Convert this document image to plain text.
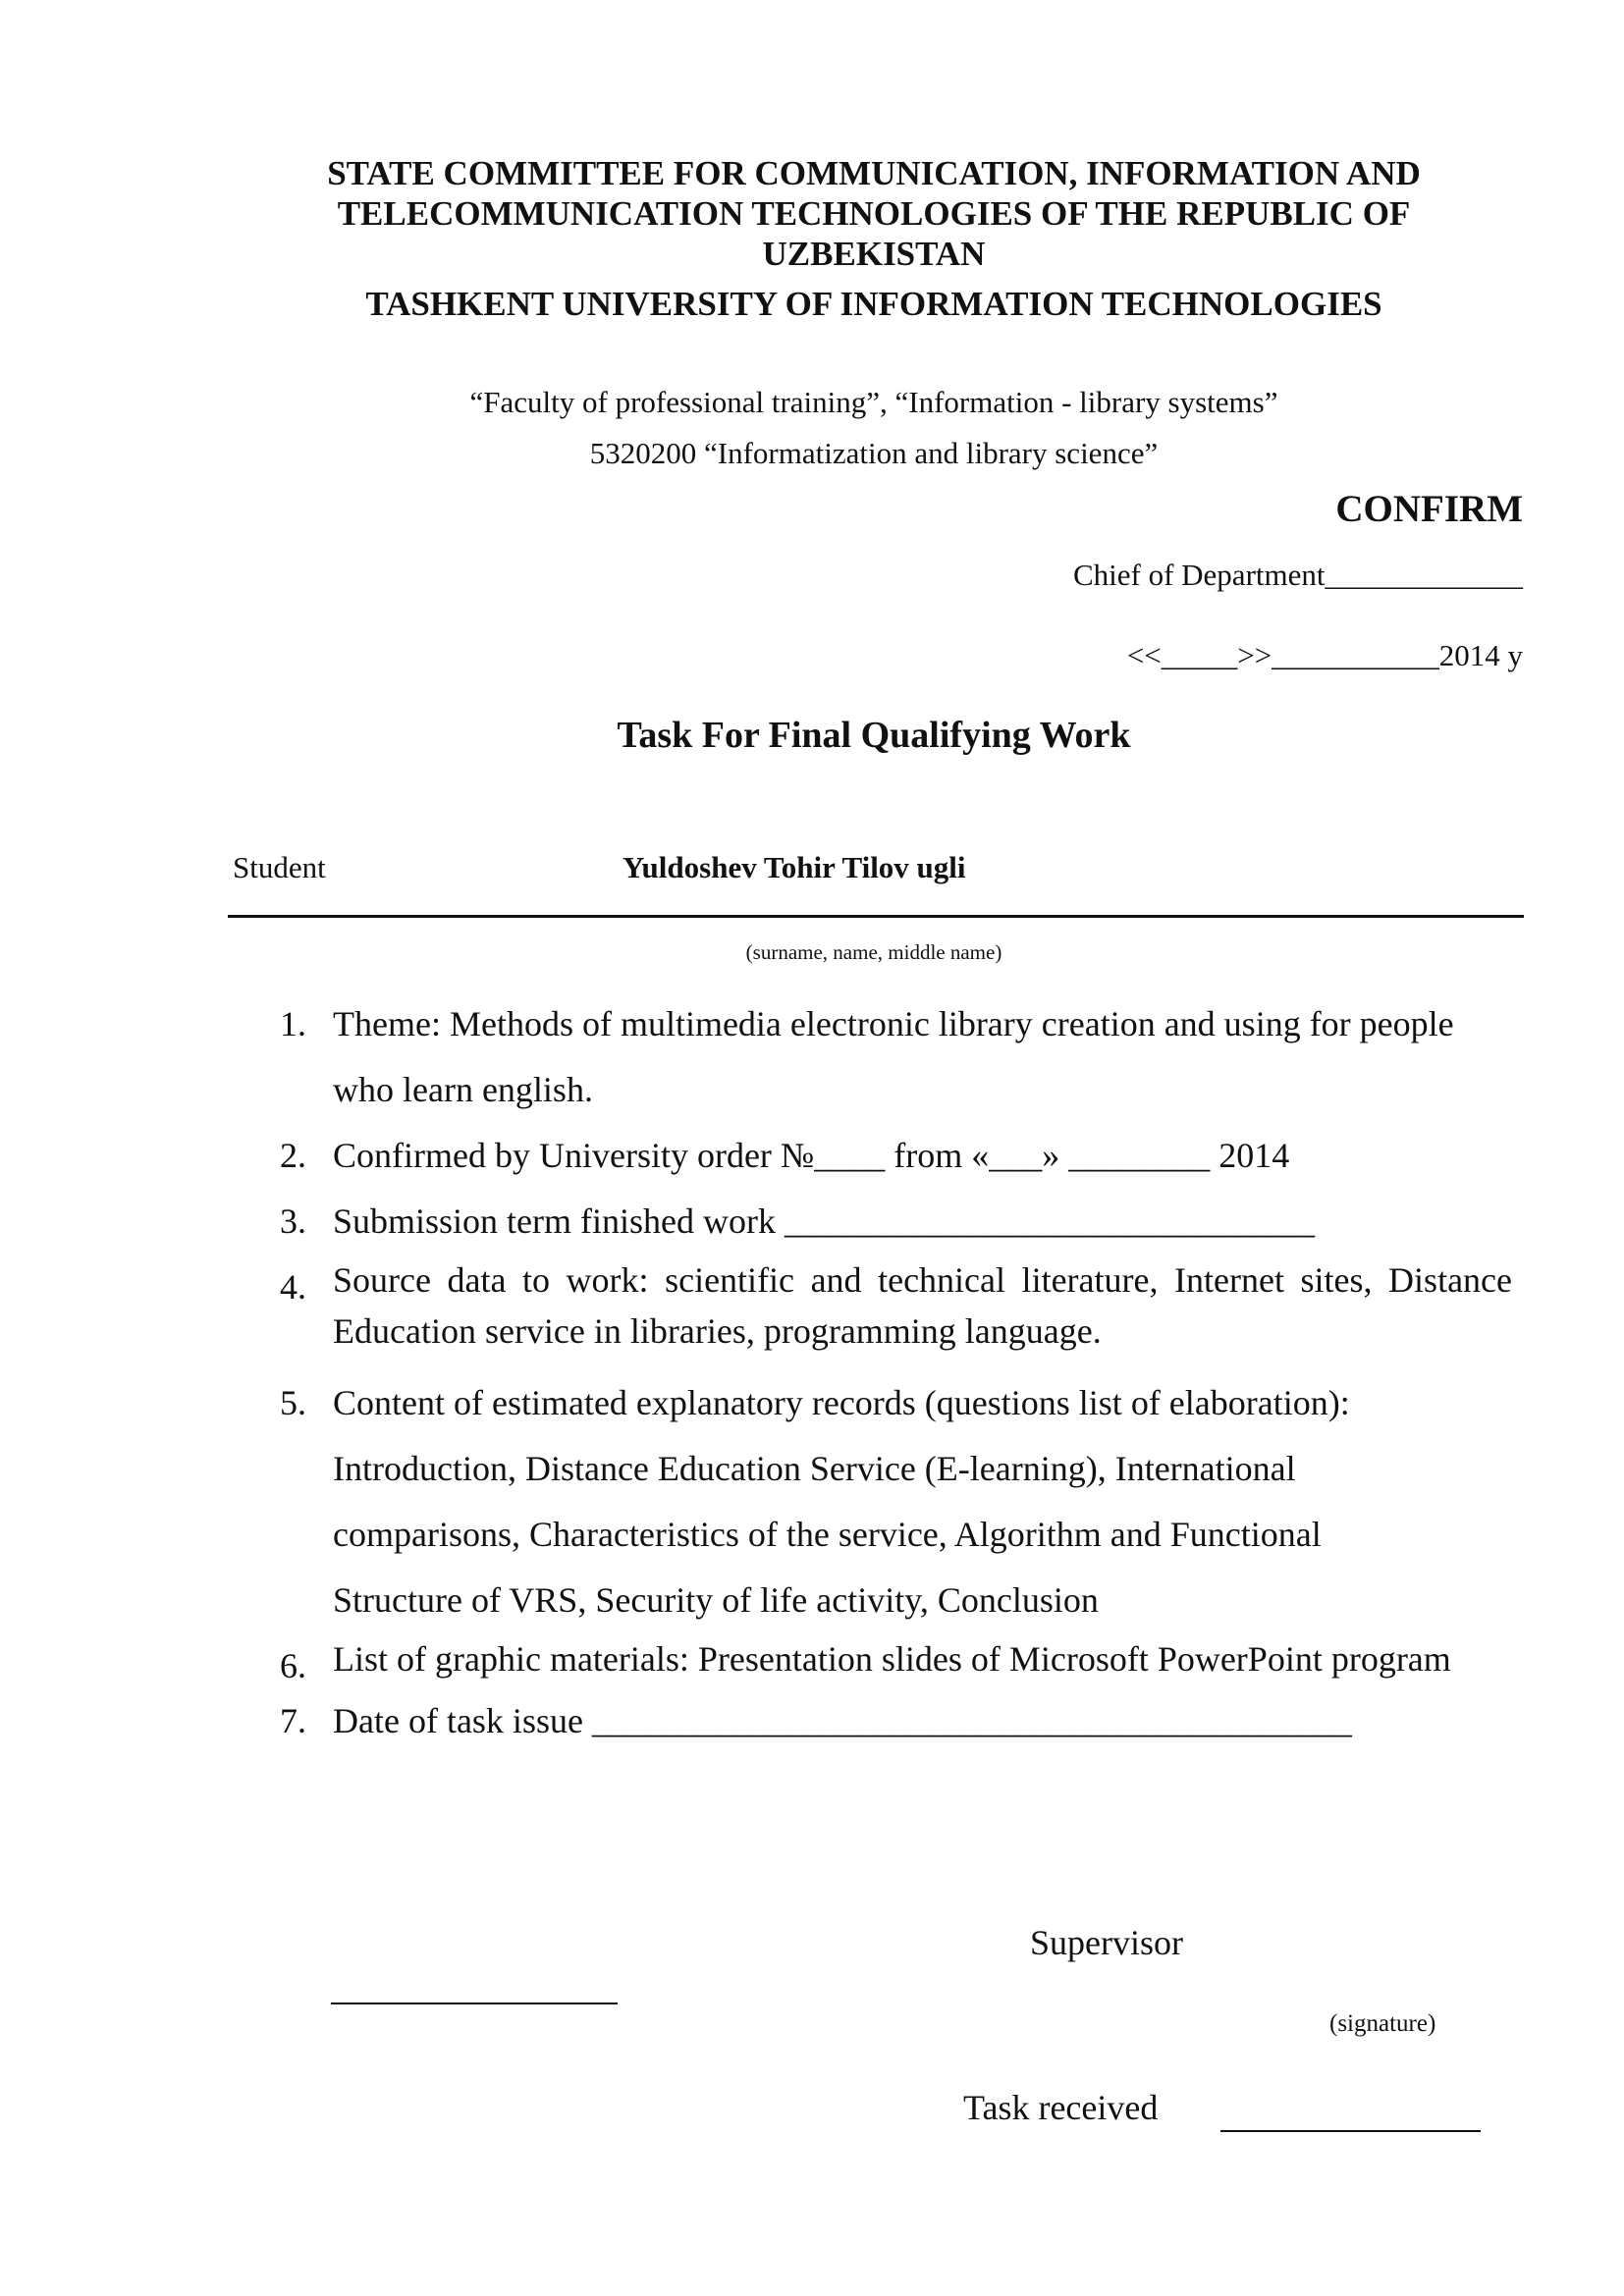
STATE COMMITTEE FOR COMMUNICATION, INFORMATION AND TELECOMMUNICATION TECHNOLOGIES OF THE REPUBLIC OF UZBEKISTAN
TASHKENT UNIVERSITY OF INFORMATION TECHNOLOGIES
“Faculty of professional training”, “Information - library systems”
5320200 “Informatization and library science”
CONFIRM
Chief of Department_____________
<<_____>>___________2014 y
Task For Final Qualifying Work
Student	Yuldoshev Tohir Tilov ugli
(surname, name, middle name)
1. Theme: Methods of multimedia electronic library creation and using for people who learn english.
2. Confirmed by University order №____ from «___» ________ 2014
3. Submission term finished work ______________________________
4. Source data to work: scientific and technical literature, Internet sites, Distance Education service in libraries, programming language.
5. Content of estimated explanatory records (questions list of elaboration): Introduction, Distance Education Service (E-learning), International comparisons, Characteristics of the service, Algorithm and Functional Structure of VRS, Security of life activity, Conclusion
6. List of graphic materials: Presentation slides of Microsoft PowerPoint program
7. Date of task issue ___________________________________________
Supervisor
(signature)
Task received
